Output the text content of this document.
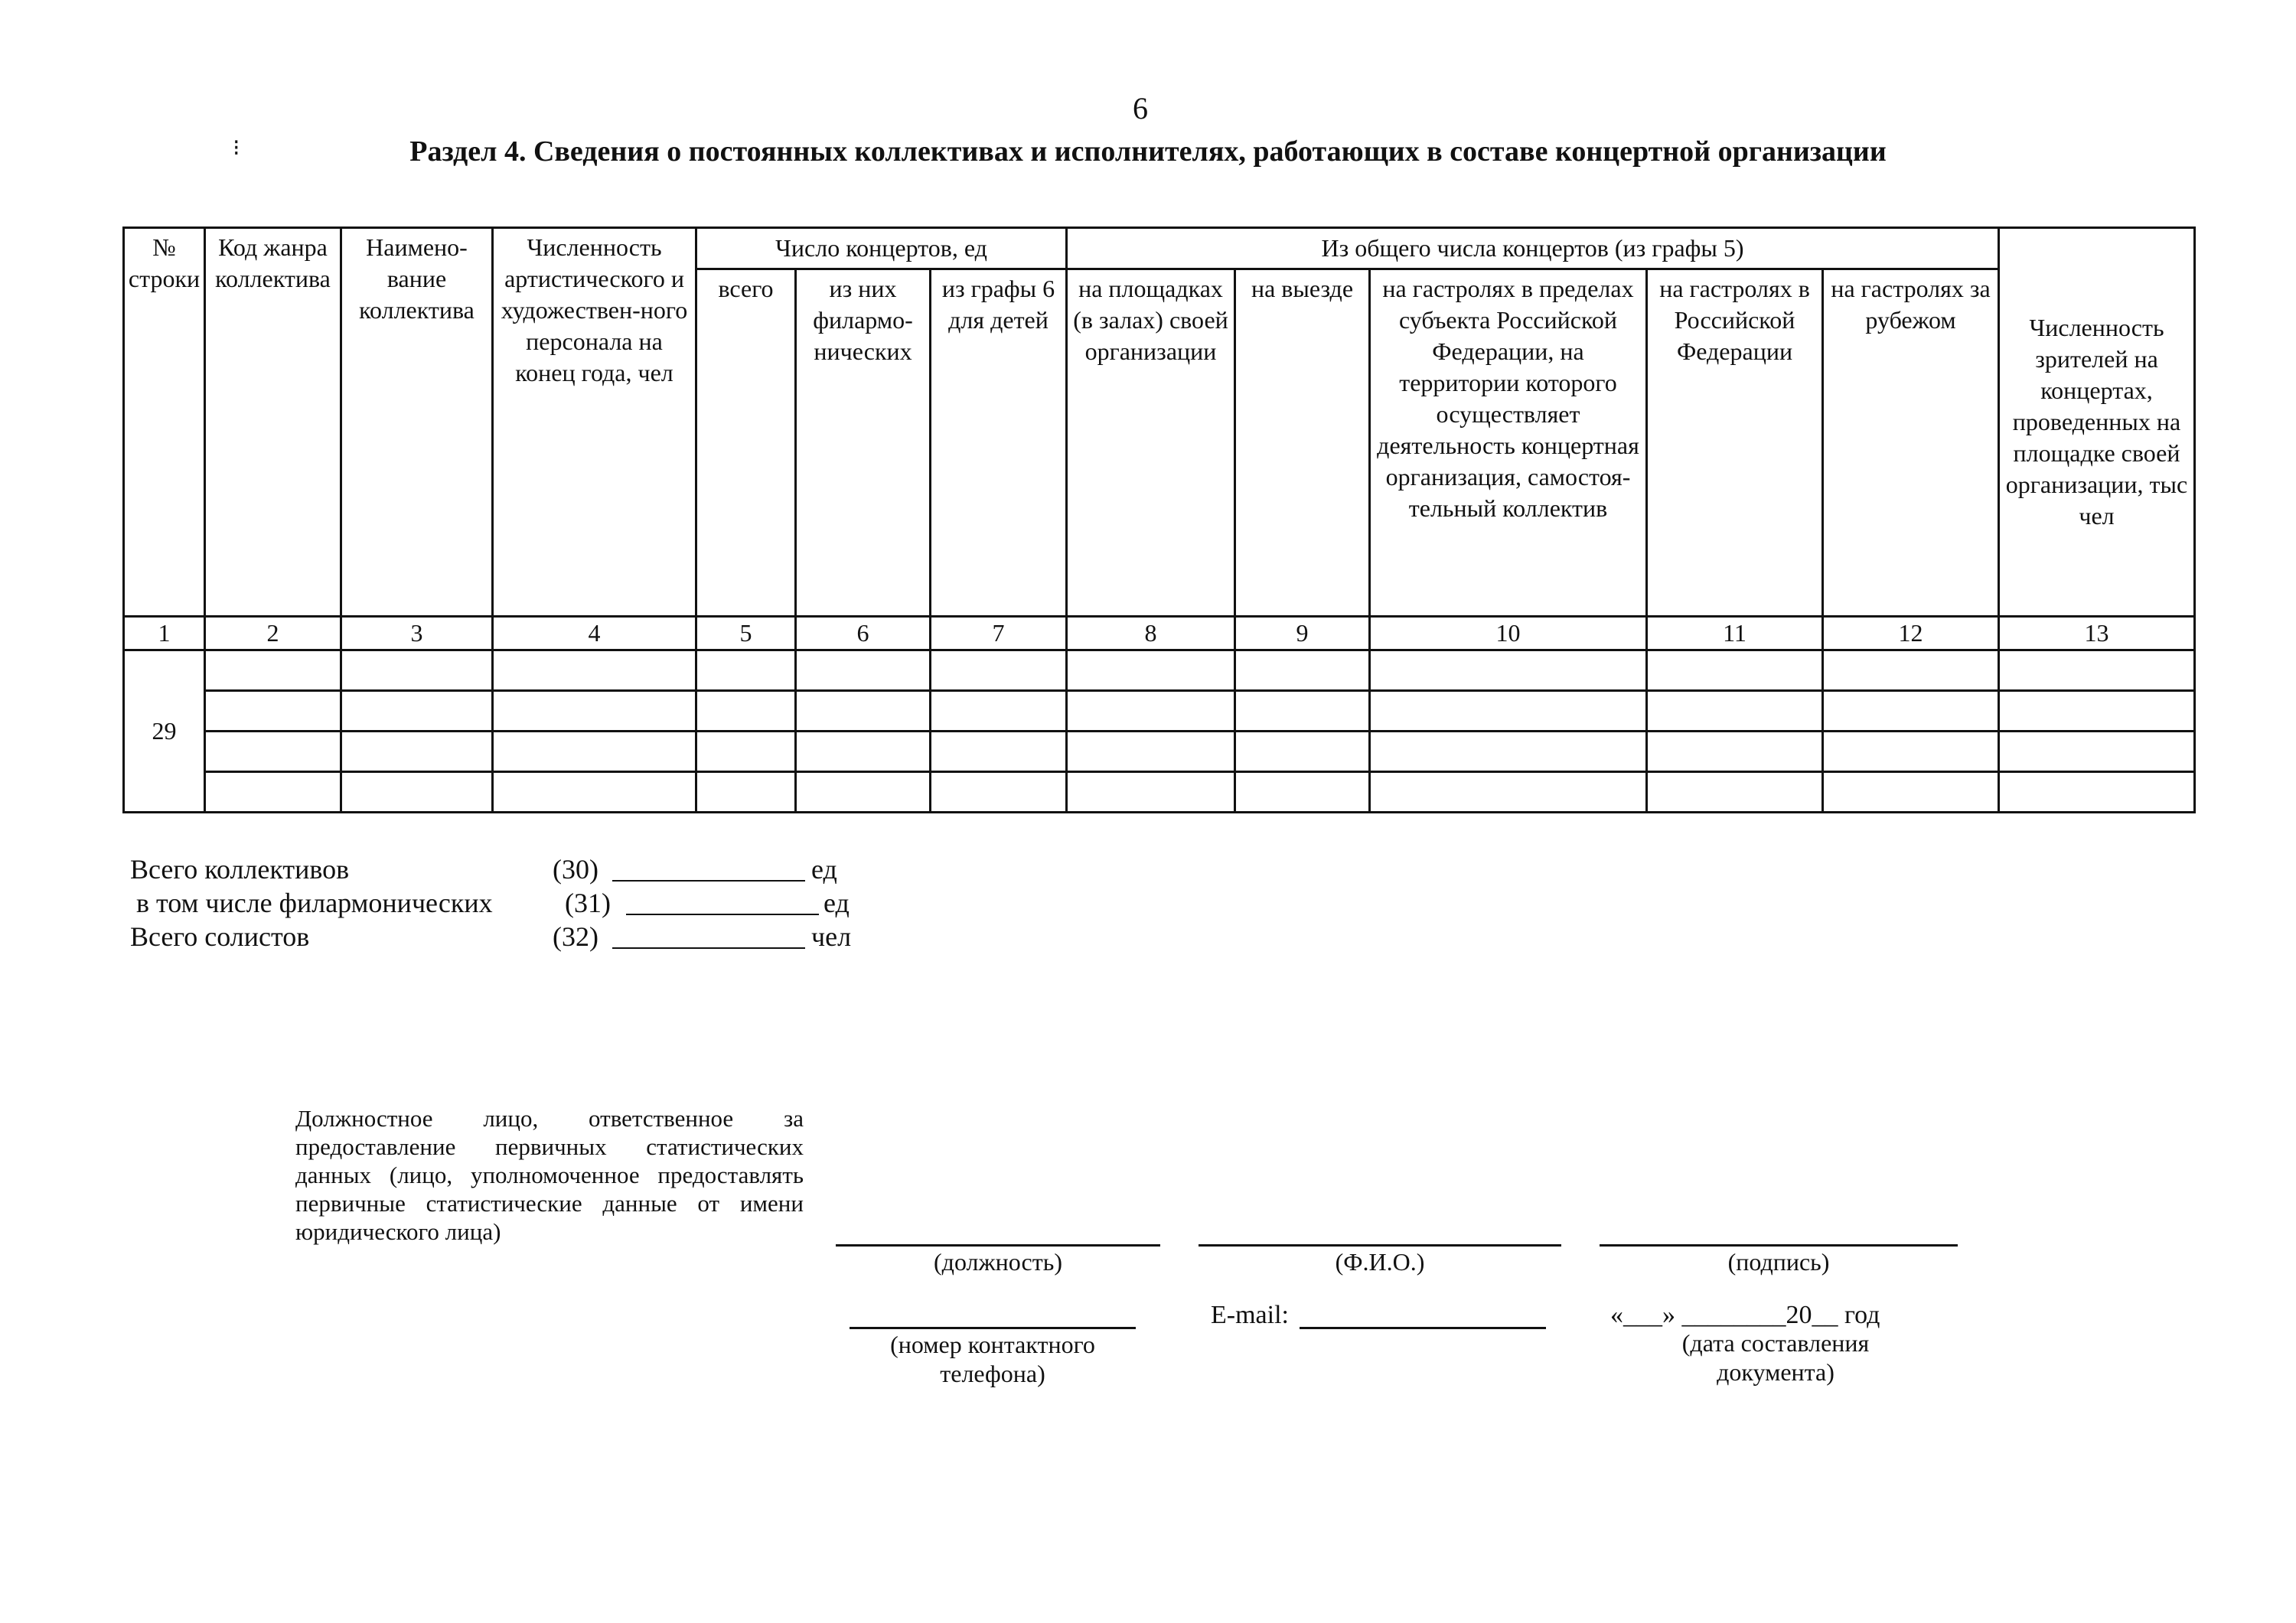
6
⁝	Раздел 4. Сведения о постоянных коллективах и исполнителях, работающих в составе концертной организации
№ строки	Код жанра коллектива	Наимено-вание коллектива	Численность артистического и художествен-ного персонала на конец года, чел	Число концертов, ед			Из общего числа концертов (из графы 5)					Численность зрителей на концертах, проведенных на площадке своей организации, тыс чел
				всего	из них филармо-нических	из графы 6 для детей	на площадках (в залах) своей организации	на выезде	на гастролях в пределах субъекта Российской Федерации, на территории которого осуществляет деятельность концертная организация, самостоя-тельный коллектив	на гастролях в Российской Федерации	на гастролях за рубежом	
1	2	3	4	5	6	7	8	9	10	11	12	13
29												

Всего коллективов	(30)	ед
в том числе филармонических	(31)	ед
Всего солистов	(32)	чел
Должностное лицо, ответственное за предоставление первичных статистических данных (лицо, уполномоченное предоставлять первичные статистические данные от имени юридического лица)
(должность)	(Ф.И.О.)	(подпись)
(номер контактного телефона)
E-mail:	«___» ________20__ год
(дата составления документа)
